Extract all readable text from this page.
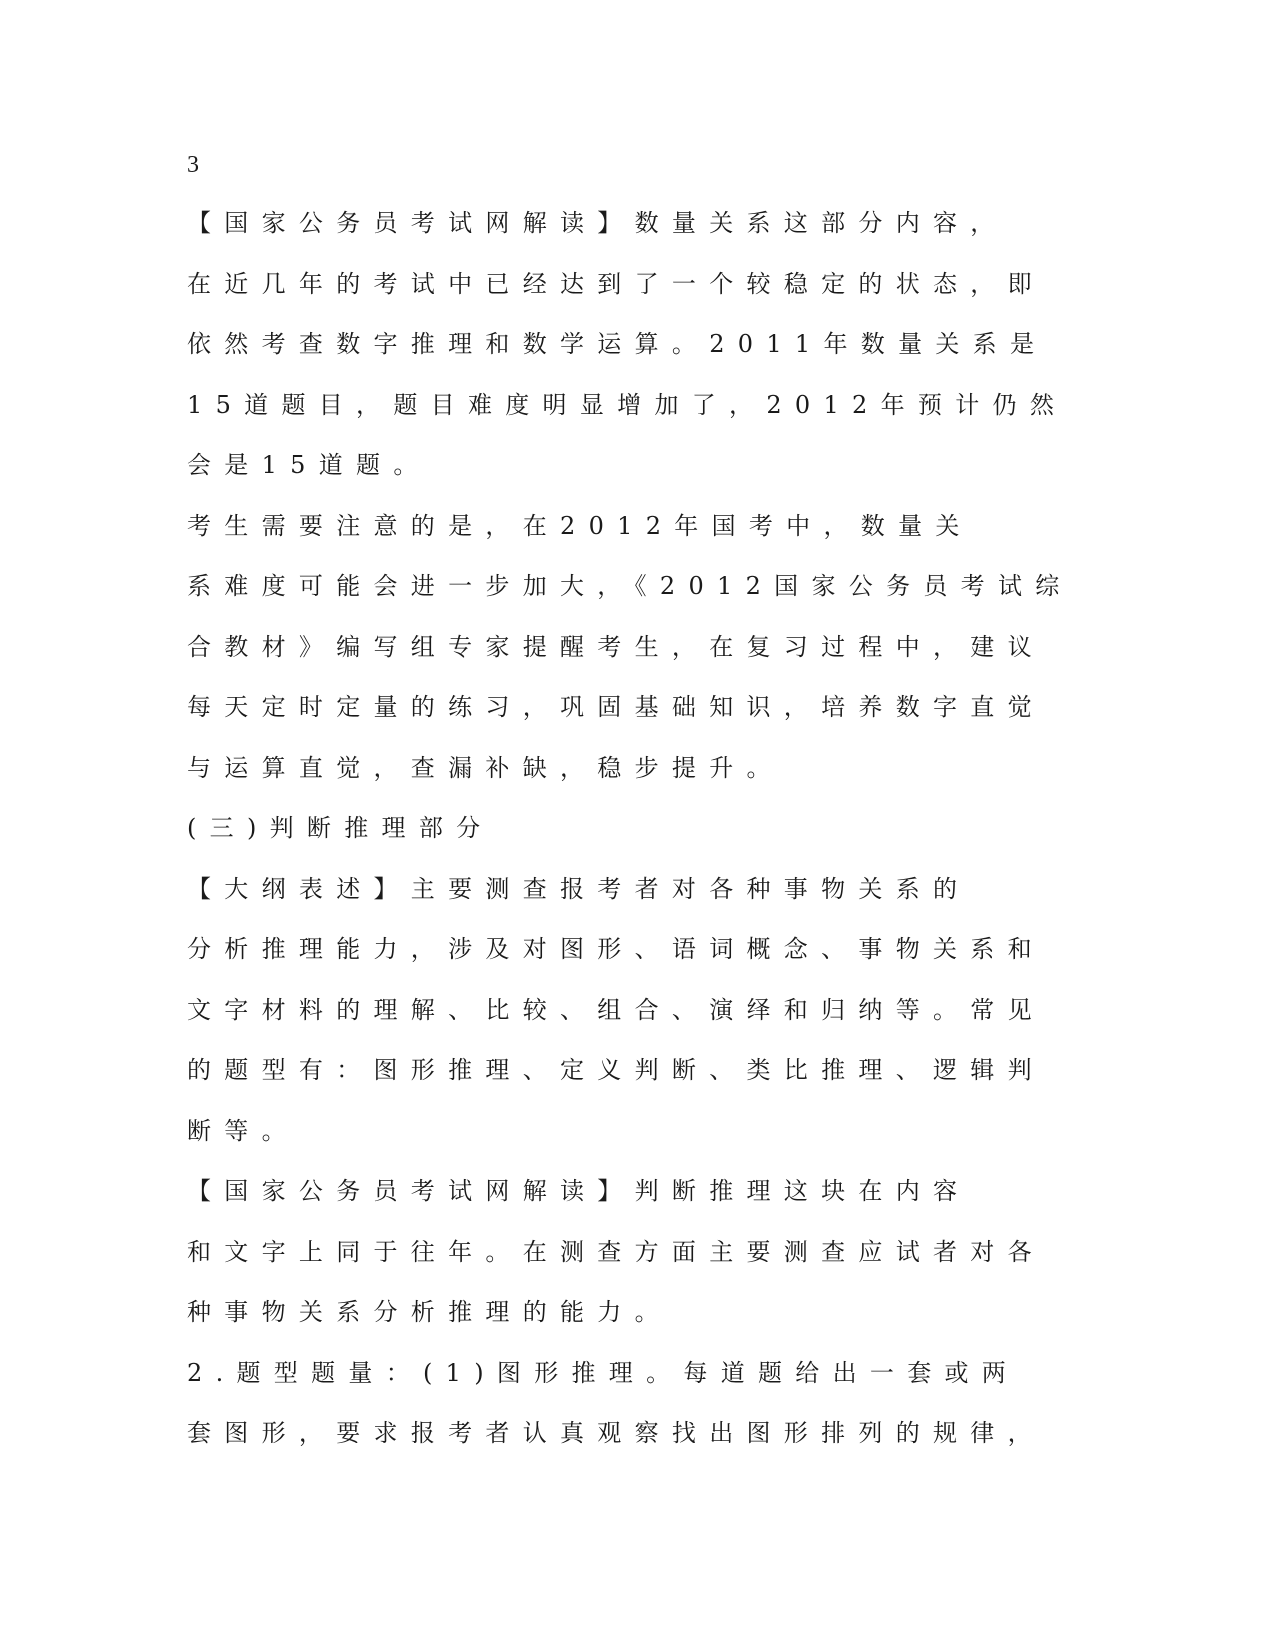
3
【国家公务员考试网解读】数量关系这部分内容，
在近几年的考试中已经达到了一个较稳定的状态，即
依然考查数字推理和数学运算。2011年数量关系是
15道题目，题目难度明显增加了，2012年预计仍然
会是15道题。
考生需要注意的是，在2012年国考中，数量关
系难度可能会进一步加大，《2012国家公务员考试综
合教材》编写组专家提醒考生，在复习过程中，建议
每天定时定量的练习，巩固基础知识，培养数字直觉
与运算直觉，查漏补缺，稳步提升。
(三)判断推理部分
【大纲表述】主要测查报考者对各种事物关系的
分析推理能力，涉及对图形、语词概念、事物关系和
文字材料的理解、比较、组合、演绎和归纳等。常见
的题型有：图形推理、定义判断、类比推理、逻辑判
断等。
【国家公务员考试网解读】判断推理这块在内容
和文字上同于往年。在测查方面主要测查应试者对各
种事物关系分析推理的能力。
2.题型题量：(1)图形推理。每道题给出一套或两
套图形，要求报考者认真观察找出图形排列的规律，
